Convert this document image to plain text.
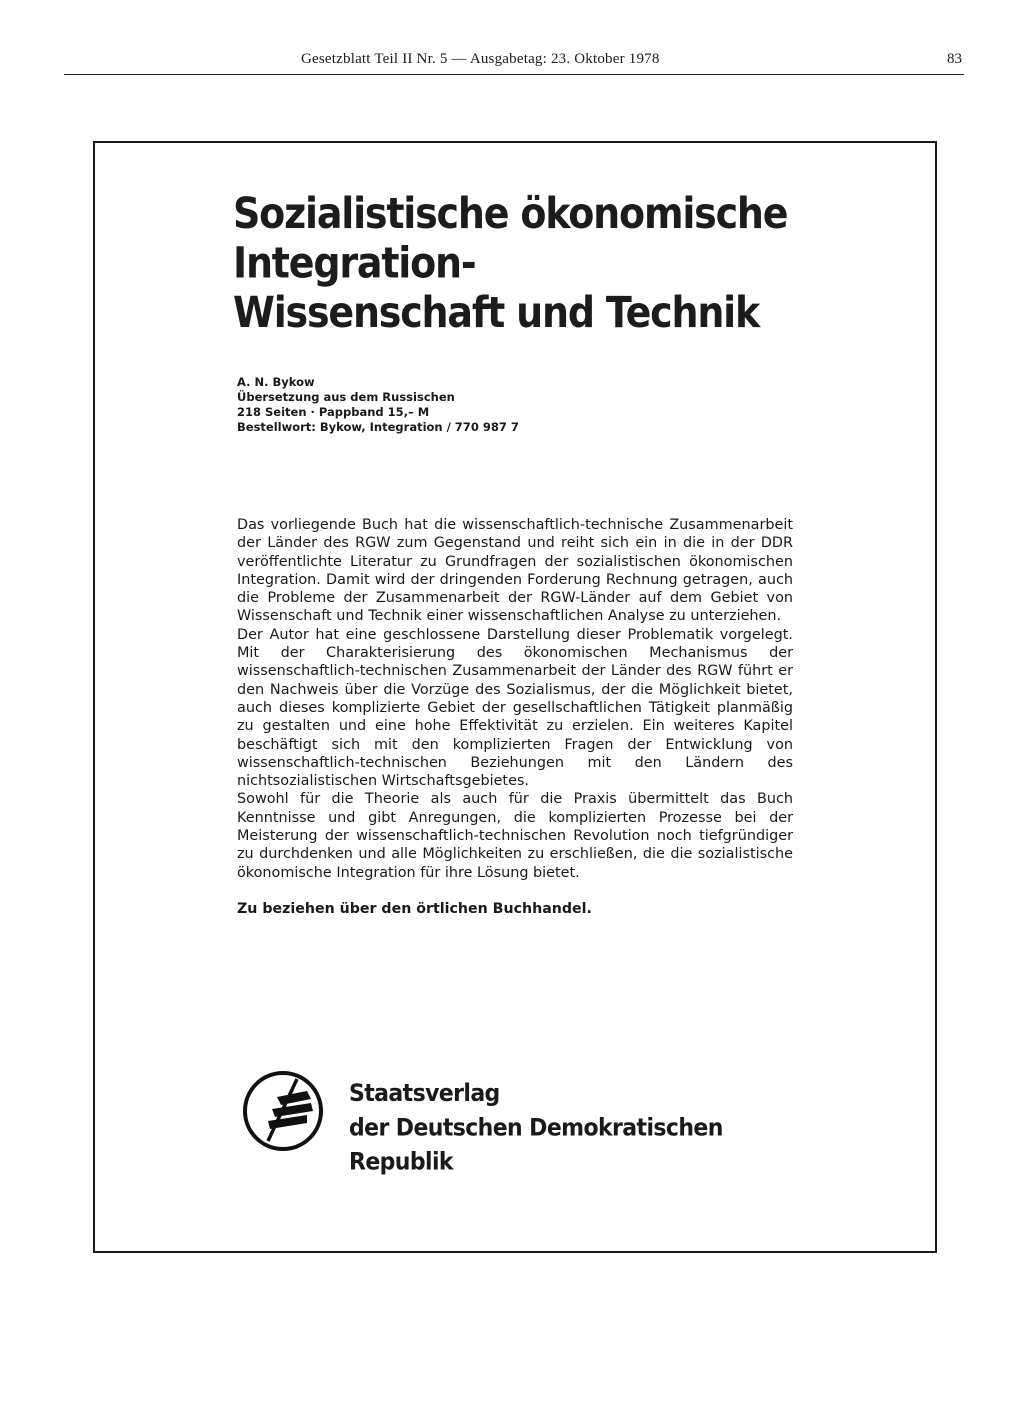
Gesetzblatt Teil II Nr. 5 — Ausgabetag: 23. Oktober 1978	83
Sozialistische ökonomische
Integration-
Wissenschaft und Technik
A. N. Bykow
Übersetzung aus dem Russischen
218 Seiten · Pappband 15,– M
Bestellwort: Bykow, Integration / 770 987 7

Das vorliegende Buch hat die wissenschaftlich-technische Zusammenarbeit der Länder des RGW zum Gegenstand und reiht sich ein in die in der DDR veröffentlichte Literatur zu Grundfragen der sozialistischen ökonomischen Integration. Damit wird der dringenden Forderung Rechnung getragen, auch die Probleme der Zusammenarbeit der RGW-Länder auf dem Gebiet von Wissenschaft und Technik einer wissenschaftlichen Analyse zu unterziehen.

Der Autor hat eine geschlossene Darstellung dieser Problematik vorgelegt. Mit der Charakterisierung des ökonomischen Mechanismus der wissenschaftlich-technischen Zusammenarbeit der Länder des RGW führt er den Nachweis über die Vorzüge des Sozialismus, der die Möglichkeit bietet, auch dieses komplizierte Gebiet der gesellschaftlichen Tätigkeit planmäßig zu gestalten und eine hohe Effektivität zu erzielen. Ein weiteres Kapitel beschäftigt sich mit den komplizierten Fragen der Entwicklung von wissenschaftlich-technischen Beziehungen mit den Ländern des nichtsozialistischen Wirtschaftsgebietes.

Sowohl für die Theorie als auch für die Praxis übermittelt das Buch Kenntnisse und gibt Anregungen, die komplizierten Prozesse bei der Meisterung der wissenschaftlich-technischen Revolution noch tiefgründiger zu durchdenken und alle Möglichkeiten zu erschließen, die die sozialistische ökonomische Integration für ihre Lösung bietet.

Zu beziehen über den örtlichen Buchhandel.
Staatsverlag
der Deutschen Demokratischen
Republik
